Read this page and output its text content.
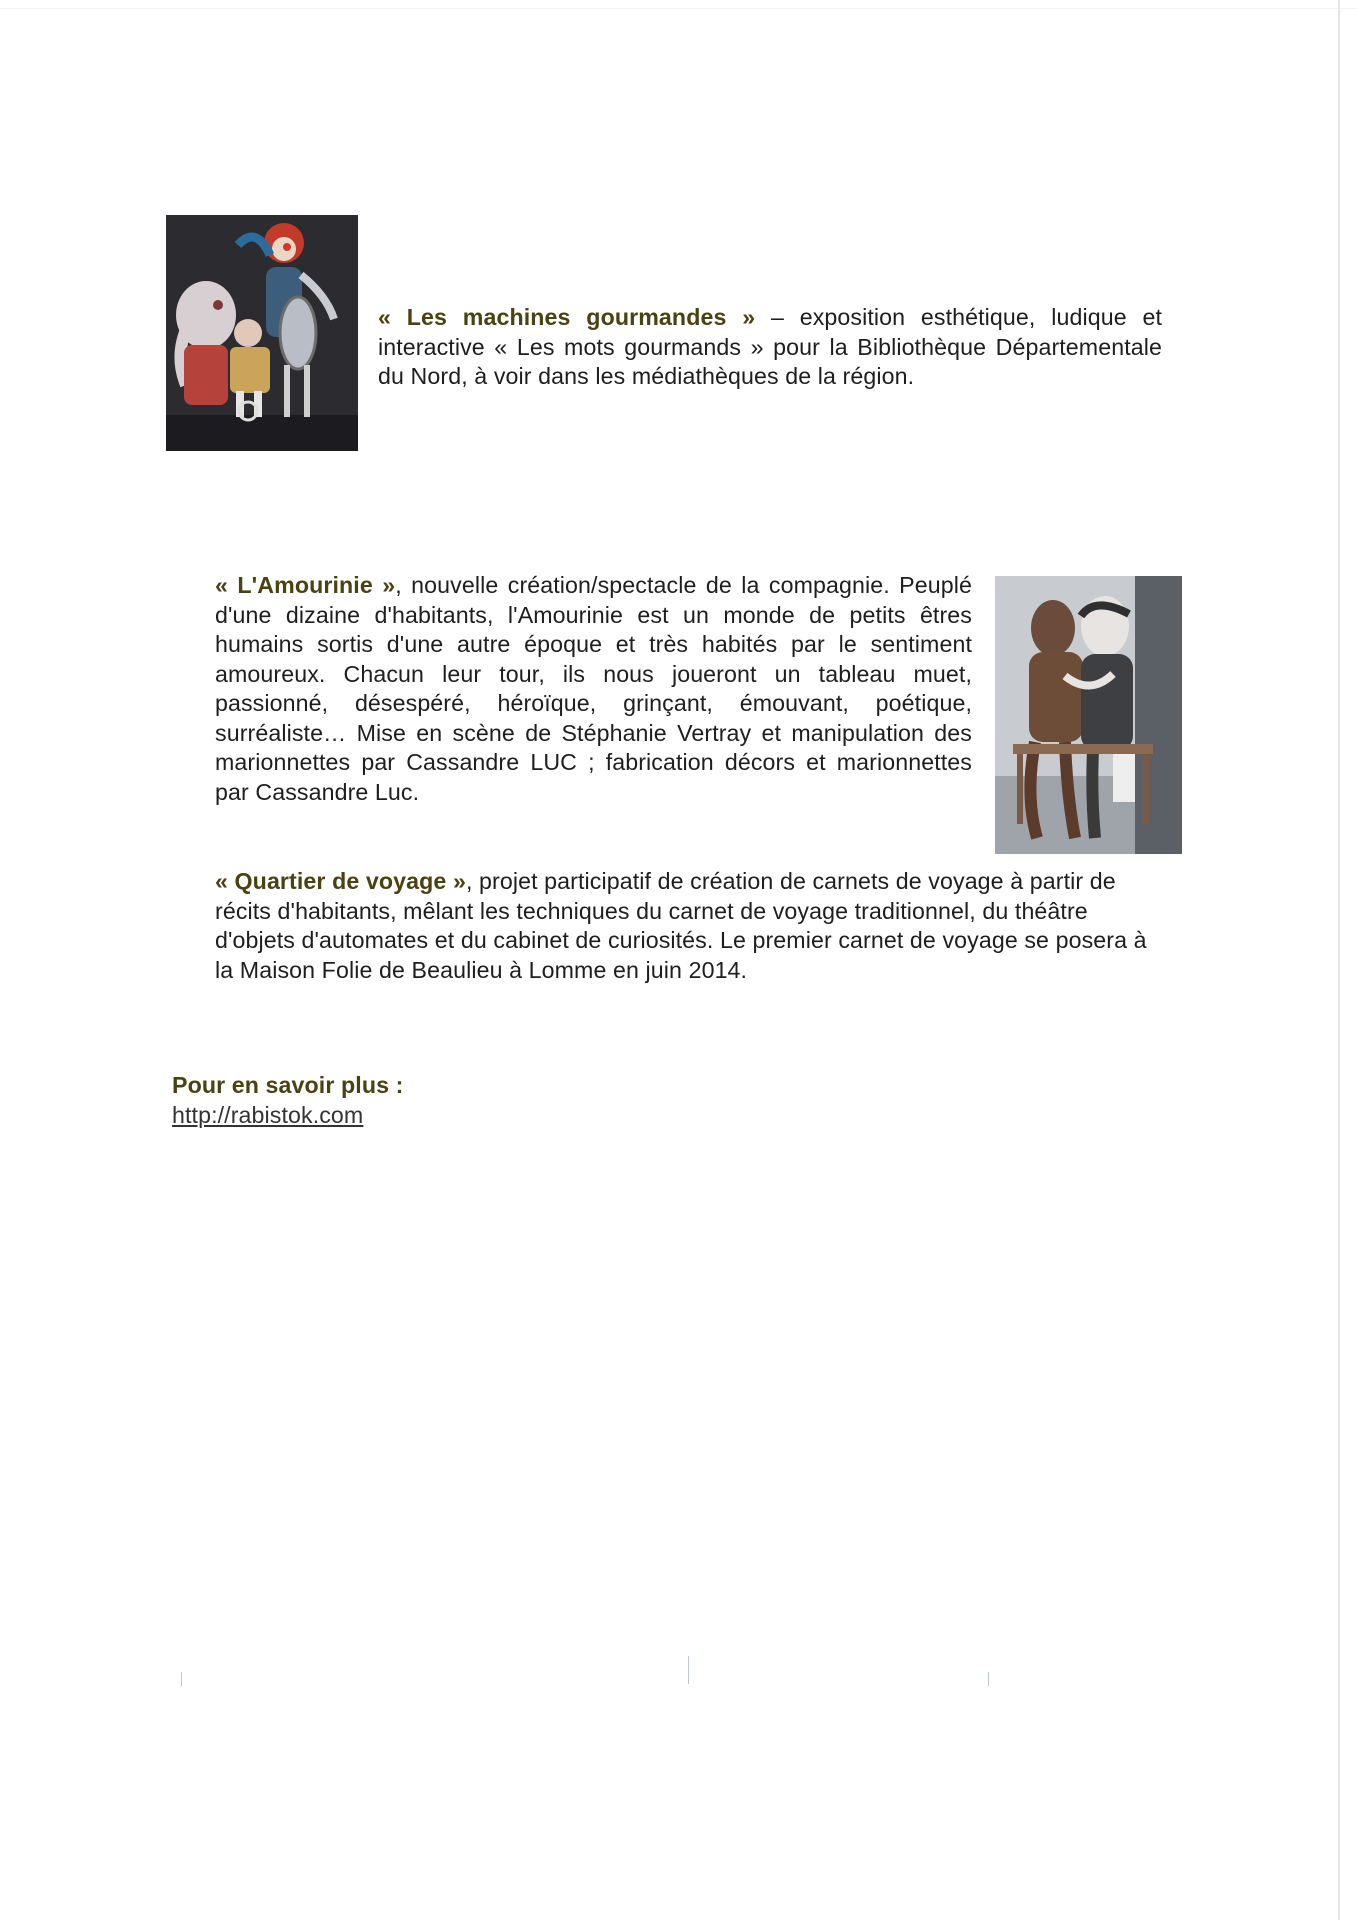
« Les machines gourmandes » – exposition esthétique, ludique et interactive « Les mots gourmands » pour la Bibliothèque Départementale du Nord, à voir dans les médiathèques de la région.

« L'Amourinie », nouvelle création/spectacle de la compagnie. Peuplé d'une dizaine d'habitants, l'Amourinie est un monde de petits êtres humains sortis d'une autre époque et très habités par le sentiment amoureux. Chacun leur tour, ils nous joueront un tableau muet, passionné, désespéré, héroïque, grinçant, émouvant, poétique, surréaliste… Mise en scène de Stéphanie Vertray et manipulation des marionnettes par Cassandre LUC ; fabrication décors et marionnettes par Cassandre Luc.

« Quartier de voyage », projet participatif de création de carnets de voyage à partir de récits d'habitants, mêlant les techniques du carnet de voyage traditionnel, du théâtre d'objets d'automates et du cabinet de curiosités. Le premier carnet de voyage se posera à la Maison Folie de Beaulieu à Lomme en juin 2014.

Pour en savoir plus :
http://rabistok.com
